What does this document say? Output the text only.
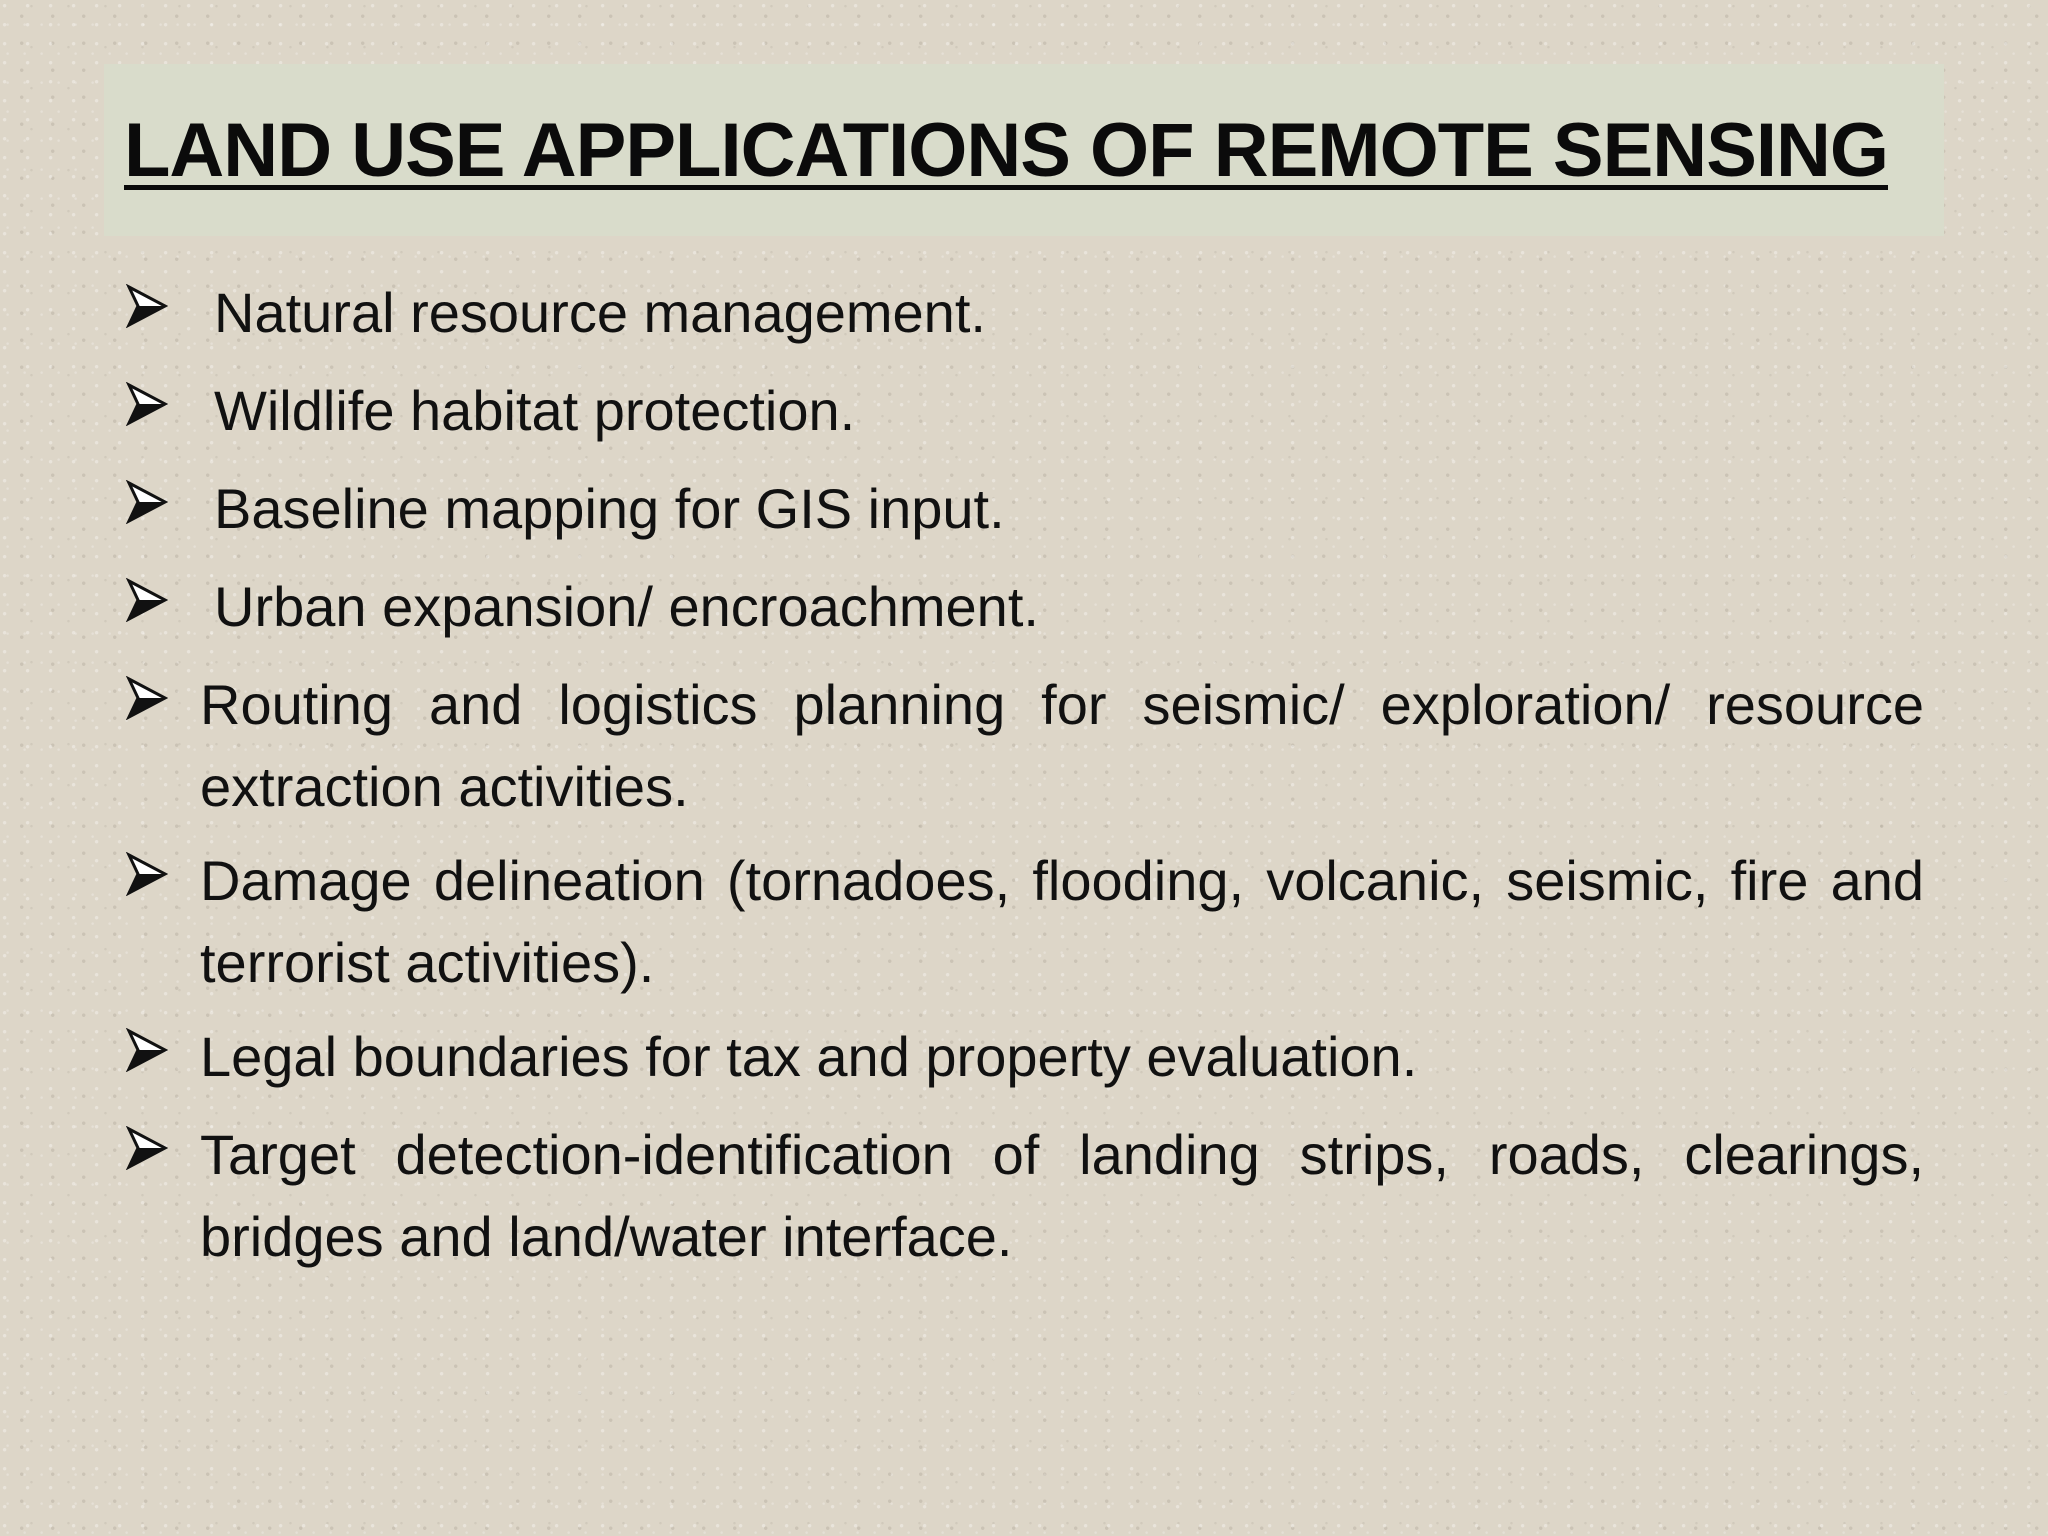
LAND USE APPLICATIONS OF REMOTE SENSING
Natural resource management.
Wildlife habitat protection.
Baseline mapping for GIS input.
Urban expansion/ encroachment.
Routing and logistics planning for seismic/ exploration/ resource extraction activities.
Damage delineation (tornadoes, flooding, volcanic, seismic, fire and terrorist activities).
Legal boundaries for tax and property evaluation.
Target detection-identification of landing strips, roads, clearings, bridges and land/water interface.
